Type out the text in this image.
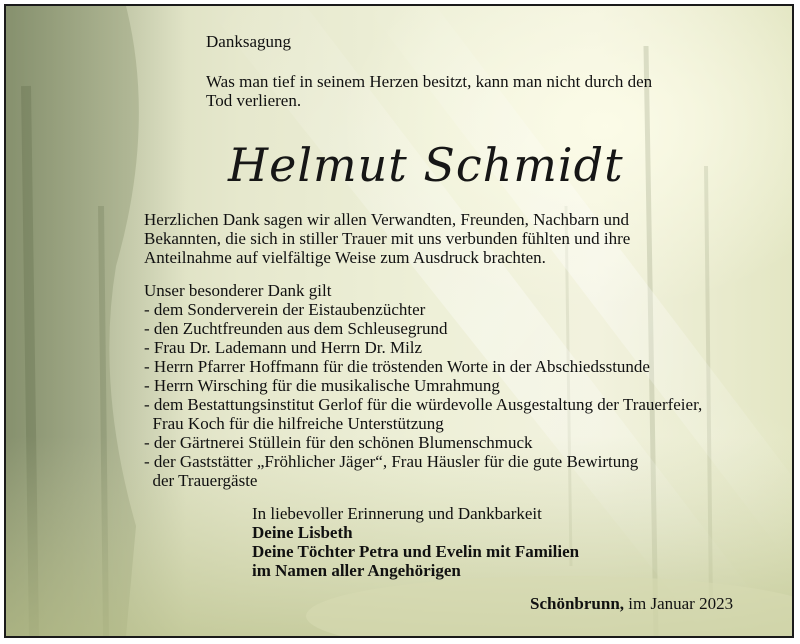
Danksagung
Was man tief in seinem Herzen besitzt, kann man nicht durch den
Tod verlieren.
Helmut Schmidt
Herzlichen Dank sagen wir allen Verwandten, Freunden, Nachbarn und
Bekannten, die sich in stiller Trauer mit uns verbunden fühlten und ihre
Anteilnahme auf vielfältige Weise zum Ausdruck brachten.
Unser besonderer Dank gilt
- dem Sonderverein der Eistaubenzüchter
- den Zuchtfreunden aus dem Schleusegrund
- Frau Dr. Lademann und Herrn Dr. Milz
- Herrn Pfarrer Hoffmann für die tröstenden Worte in der Abschiedsstunde
- Herrn Wirsching für die musikalische Umrahmung
- dem Bestattungsinstitut Gerlof für die würdevolle Ausgestaltung der Trauerfeier,
Frau Koch für die hilfreiche Unterstützung
- der Gärtnerei Stüllein für den schönen Blumenschmuck
- der Gaststätter „Fröhlicher Jäger“, Frau Häusler für die gute Bewirtung
der Trauergäste
In liebevoller Erinnerung und Dankbarkeit
Deine Lisbeth
Deine Töchter Petra und Evelin mit Familien
im Namen aller Angehörigen
Schönbrunn, im Januar 2023
